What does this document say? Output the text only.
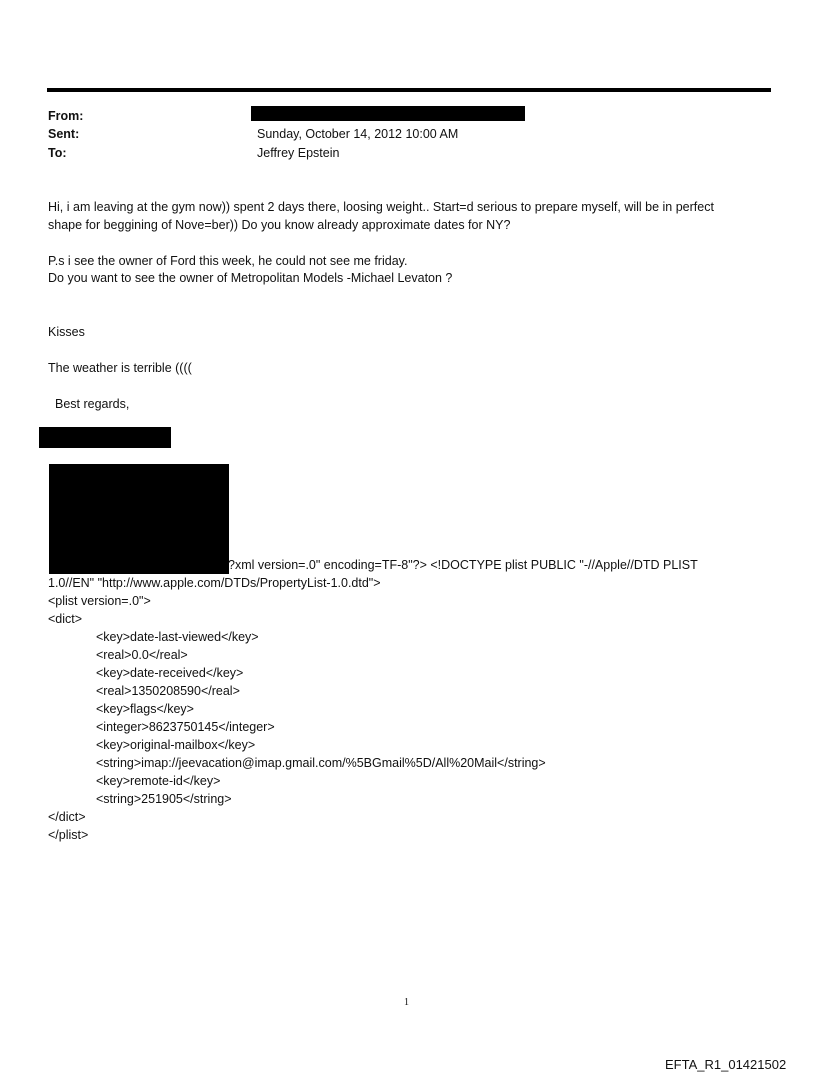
From:
Sent:	Sunday, October 14, 2012 10:00 AM
To:	Jeffrey Epstein
Hi, i am leaving at the gym now)) spent 2 days there, loosing weight.. Start=d serious to prepare myself, will be in perfect
shape for beggining of Nove=ber)) Do you know already approximate dates for NY?
P.s i see the owner of Ford this week, he could not see me friday.
Do you want to see the owner of Metropolitan Models -Michael Levaton ?
Kisses
The weather is terrible ((((
Best regards,
?xml version=.0" encoding=TF-8"?> <!DOCTYPE plist PUBLIC "-//Apple//DTD PLIST
1.0//EN" "http://www.apple.com/DTDs/PropertyList-1.0.dtd">
<plist version=.0">
<dict>
<key>date-last-viewed</key>
<real>0.0</real>
<key>date-received</key>
<real>1350208590</real>
<key>flags</key>
<integer>8623750145</integer>
<key>original-mailbox</key>
<string>imap://jeevacation@imap.gmail.com/%5BGmail%5D/All%20Mail</string>
<key>remote-id</key>
<string>251905</string>
</dict>
</plist>
1
EFTA_R1_01421502
